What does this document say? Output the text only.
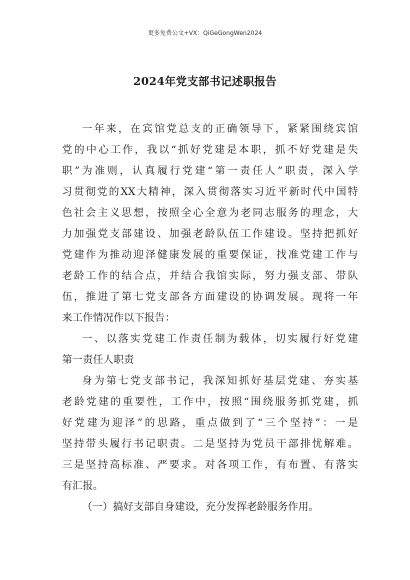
更多免费公文+VX：QiGeGongWen2024
2024年党支部书记述职报告
一年来，在宾馆党总支的正确领导下，紧紧围绕宾馆
党的中心工作，我以“抓好党建是本职，抓不好党建是失
职”为准则，认真履行党建“第一责任人”职责，深入学
习贯彻党的XX大精神，深入贯彻落实习近平新时代中国特
色社会主义思想，按照全心全意为老同志服务的理念，大
力加强党支部建设、加强老龄队伍工作建设。坚持把抓好
党建作为推动迎泽健康发展的重要保证，找准党建工作与
老龄工作的结合点，并结合我馆实际，努力强支部、带队
伍，推进了第七党支部各方面建设的协调发展。现将一年
来工作情况作以下报告：
一、以落实党建工作责任制为载体，切实履行好党建
第一责任人职责
身为第七党支部书记，我深知抓好基层党建、夯实基
老龄党建的重要性，工作中，按照“围绕服务抓党建，抓
好党建为迎泽”的思路，重点做到了“三个坚持”：一是
坚持带头履行书记职责。二是坚持为党员干部排忧解难。
三是坚持高标准、严要求。对各项工作，有布置、有落实
有汇报。
（一）搞好支部自身建设，充分发挥老龄服务作用。
